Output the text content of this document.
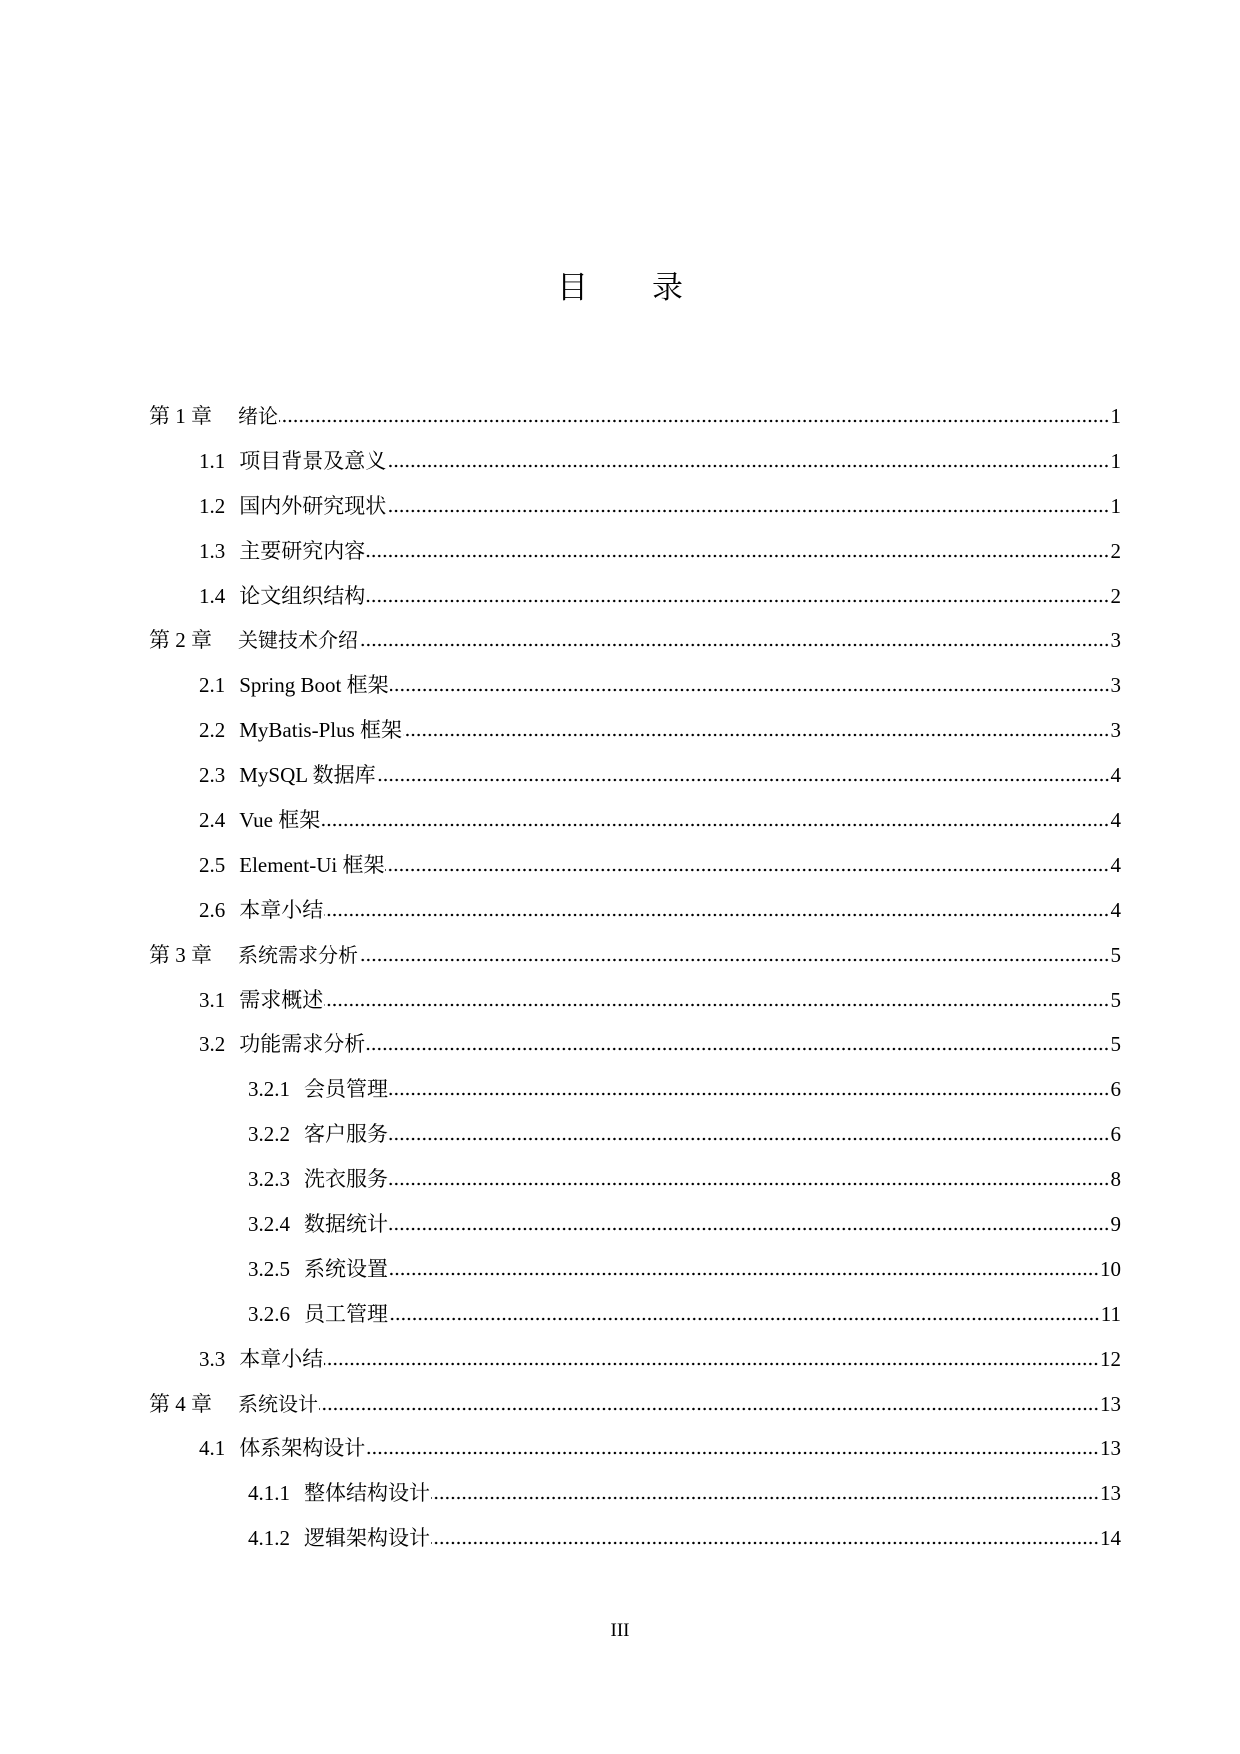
目 录
第 1 章 绪论	1
1.1 项目背景及意义	1
1.2 国内外研究现状	1
1.3 主要研究内容	2
1.4 论文组织结构	2
第 2 章 关键技术介绍	3
2.1 Spring Boot 框架	3
2.2 MyBatis-Plus 框架	3
2.3 MySQL 数据库	4
2.4 Vue 框架	4
2.5 Element-Ui 框架	4
2.6 本章小结	4
第 3 章 系统需求分析	5
3.1 需求概述	5
3.2 功能需求分析	5
3.2.1 会员管理	6
3.2.2 客户服务	6
3.2.3 洗衣服务	8
3.2.4 数据统计	9
3.2.5 系统设置	10
3.2.6 员工管理	11
3.3 本章小结	12
第 4 章 系统设计	13
4.1 体系架构设计	13
4.1.1 整体结构设计	13
4.1.2 逻辑架构设计	14
III
